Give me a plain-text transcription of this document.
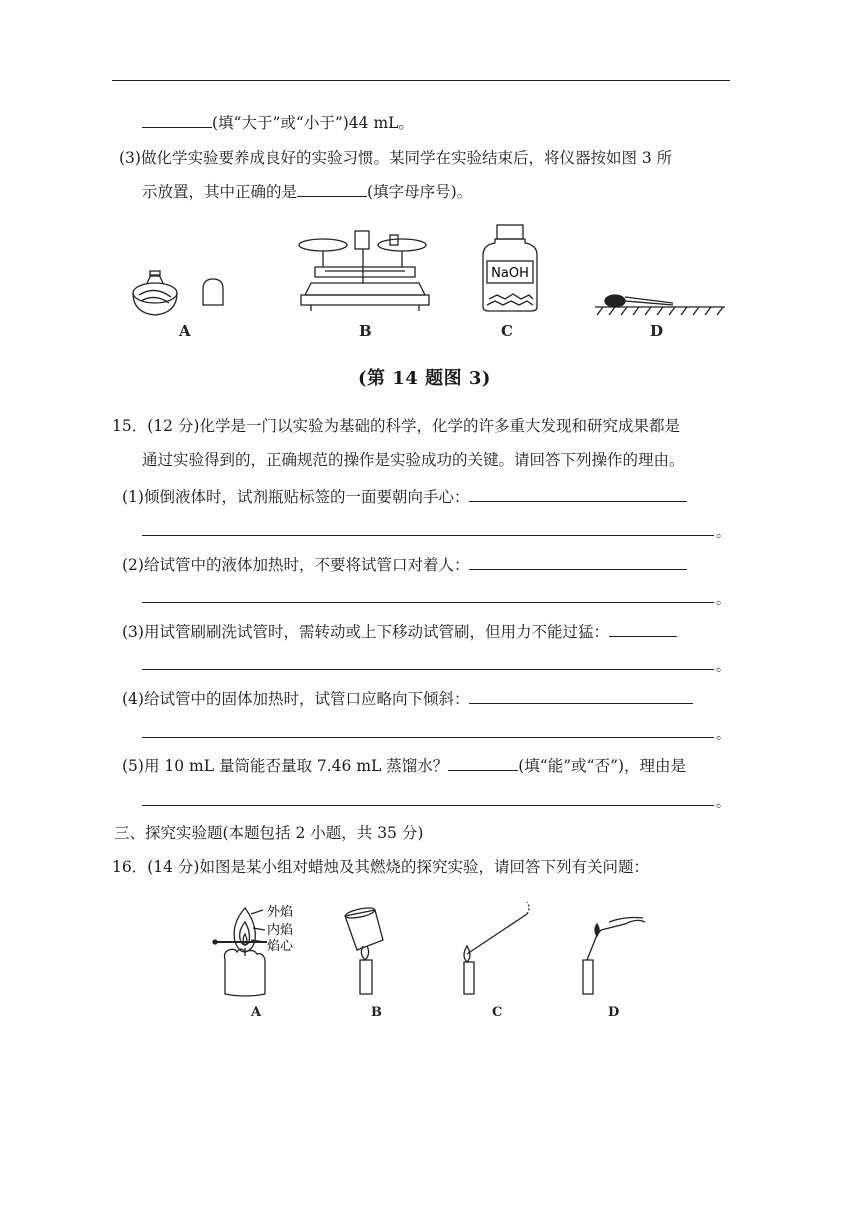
(填“大于”或“小于”)44 mL。
(3)做化学实验要养成良好的实验习惯。某同学在实验结束后，将仪器按如图 3 所
示放置，其中正确的是	(填字母序号)。
NaOH
A	B	C	D
(第 14 题图 3)
15．(12 分)化学是一门以实验为基础的科学，化学的许多重大发现和研究成果都是
通过实验得到的，正确规范的操作是实验成功的关键。请回答下列操作的理由。
(1)倾倒液体时，试剂瓶贴标签的一面要朝向手心：
。
(2)给试管中的液体加热时，不要将试管口对着人：
。
(3)用试管刷刷洗试管时，需转动或上下移动试管刷，但用力不能过猛：
。
(4)给试管中的固体加热时，试管口应略向下倾斜：
。
(5)用 10 mL 量筒能否量取 7.46 mL 蒸馏水？	(填“能”或“否”)，理由是
。
三、探究实验题(本题包括 2 小题，共 35 分)
16．(14 分)如图是某小组对蜡烛及其燃烧的探究实验，请回答下列有关问题：
外焰
内焰
焰心
A	B	C	D
